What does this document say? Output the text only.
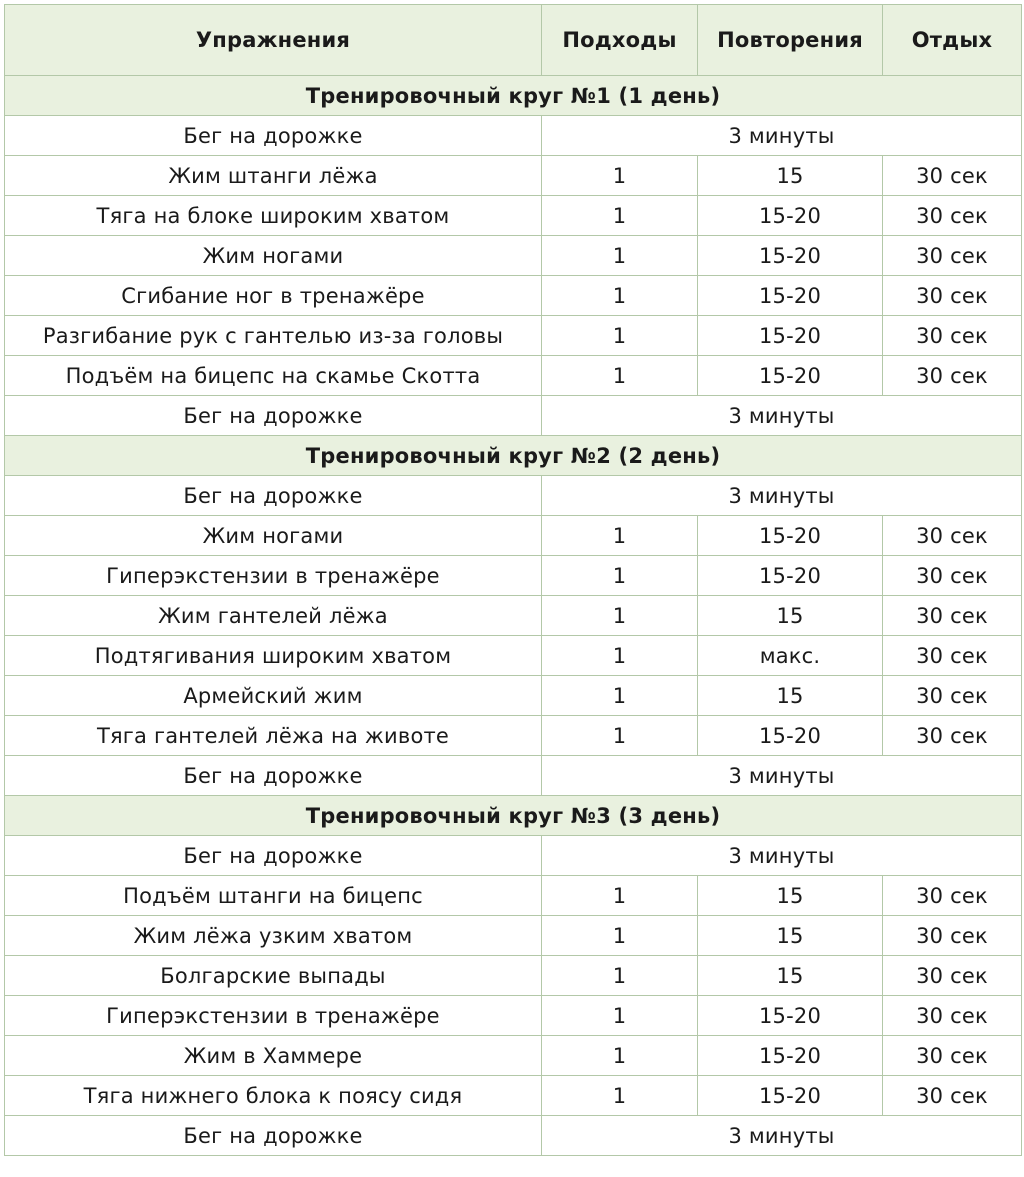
Упражнения	Подходы	Повторения	Отдых
Тренировочный круг №1 (1 день)			
Бег на дорожке	3 минуты		
Жим штанги лёжа	1	15	30 сек
Тяга на блоке широким хватом	1	15-20	30 сек
Жим ногами	1	15-20	30 сек
Сгибание ног в тренажёре	1	15-20	30 сек
Разгибание рук с гантелью из-за головы	1	15-20	30 сек
Подъём на бицепс на скамье Скотта	1	15-20	30 сек
Бег на дорожке	3 минуты		
Тренировочный круг №2 (2 день)			
Бег на дорожке	3 минуты		
Жим ногами	1	15-20	30 сек
Гиперэкстензии в тренажёре	1	15-20	30 сек
Жим гантелей лёжа	1	15	30 сек
Подтягивания широким хватом	1	макс.	30 сек
Армейский жим	1	15	30 сек
Тяга гантелей лёжа на животе	1	15-20	30 сек
Бег на дорожке	3 минуты		
Тренировочный круг №3 (3 день)			
Бег на дорожке	3 минуты		
Подъём штанги на бицепс	1	15	30 сек
Жим лёжа узким хватом	1	15	30 сек
Болгарские выпады	1	15	30 сек
Гиперэкстензии в тренажёре	1	15-20	30 сек
Жим в Хаммере	1	15-20	30 сек
Тяга нижнего блока к поясу сидя	1	15-20	30 сек
Бег на дорожке	3 минуты		
